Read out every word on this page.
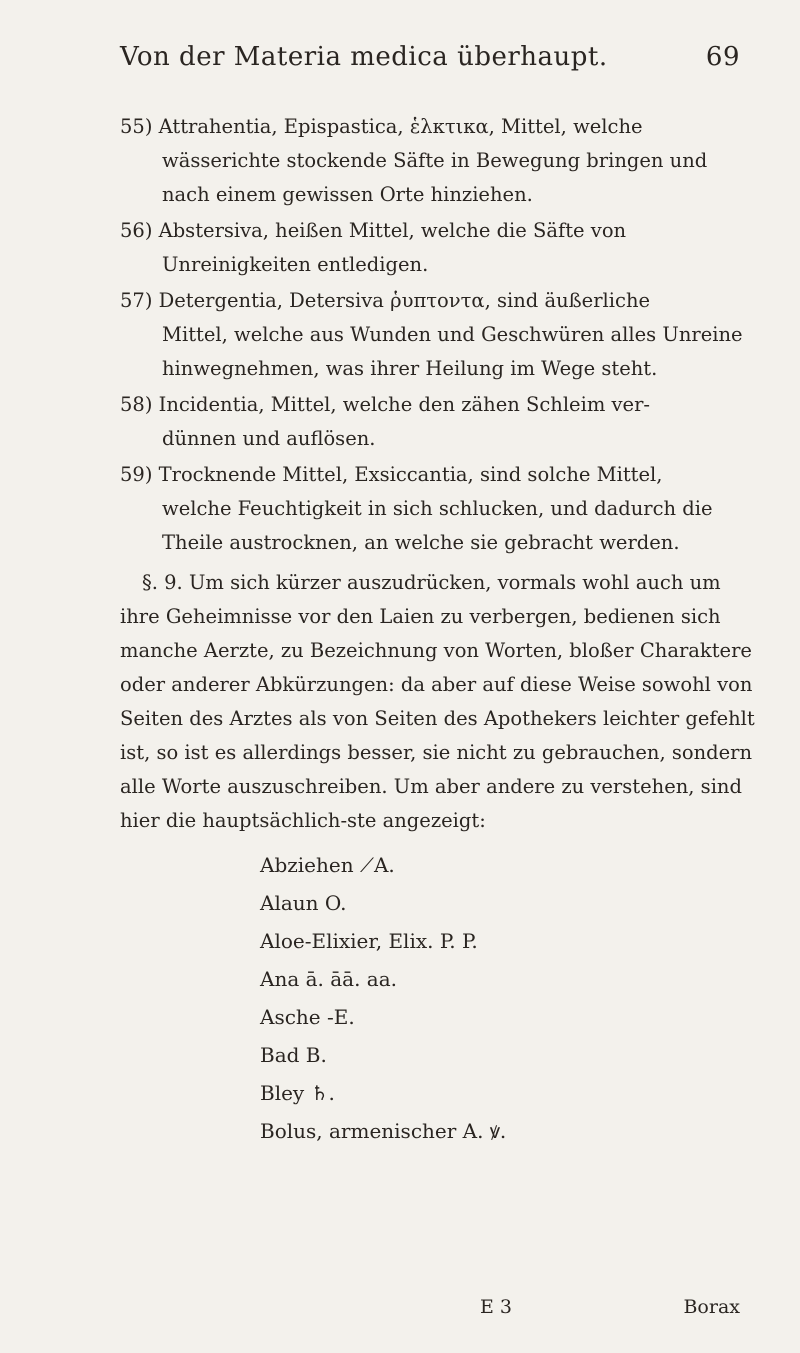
Von der Materia medica überhaupt.	69
55) Attrahentia, Epispastica, ἑλκτικα, Mittel, welche
wässerichte stockende Säfte in Bewegung bringen und nach einem gewissen Orte hinziehen.
56) Abstersiva, heißen Mittel, welche die Säfte von
Unreinigkeiten entledigen.
57) Detergentia, Detersiva ῥυπτοντα, sind äußerliche
Mittel, welche aus Wunden und Geschwüren alles Unreine hinwegnehmen, was ihrer Heilung im Wege steht.
58) Incidentia, Mittel, welche den zähen Schleim ver-
dünnen und auflösen.
59) Trocknende Mittel, Exsiccantia, sind solche Mittel,
welche Feuchtigkeit in sich schlucken, und dadurch die Theile austrocknen, an welche sie gebracht werden.

§. 9. Um sich kürzer auszudrücken, vormals wohl auch um ihre Geheimnisse vor den Laien zu verbergen, bedienen sich manche Aerzte, zu Bezeichnung von Worten, bloßer Charaktere oder anderer Abkürzungen: da aber auf diese Weise sowohl von Seiten des Arztes als von Seiten des Apothekers leichter gefehlt ist, so ist es allerdings besser, sie nicht zu gebrauchen, sondern alle Worte auszuschreiben. Um aber andere zu verstehen, sind hier die hauptsächlich-ste angezeigt:

Abziehen ⟋A.
Alaun O.
Aloe-Elixier, Elix. P. P.
Ana ā. āā. aa.
Asche -E.
Bad B.
Bley ♄.
Bolus, armenischer A. ꝟ.
E 3	Borax
